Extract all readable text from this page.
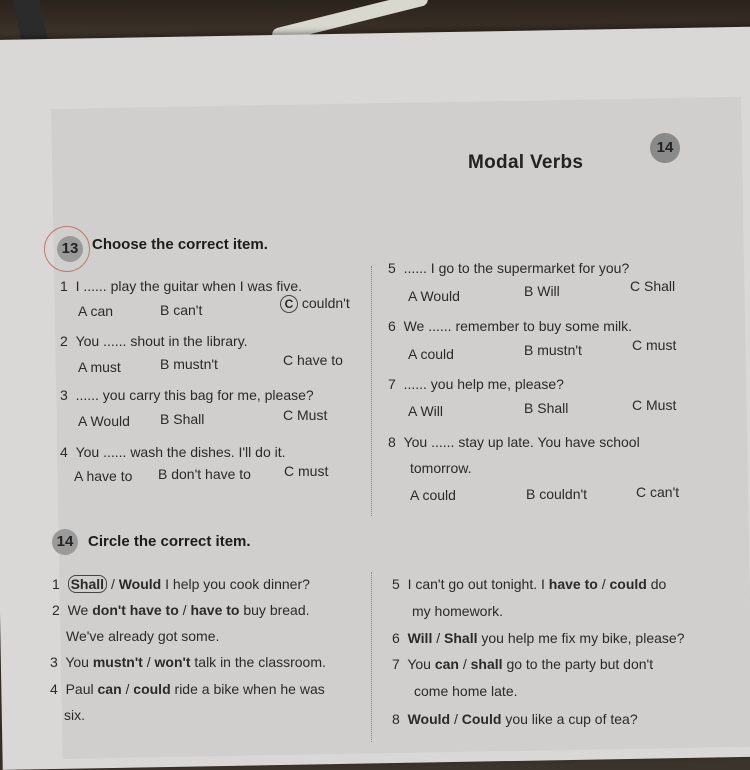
Modal Verbs
14
13 Choose the correct item.
1 I ...... play the guitar when I was five.
A can	B can't	C couldn't
2 You ...... shout in the library.
A must	B mustn't	C have to
3 ...... you carry this bag for me, please?
A Would B Shall	C Must
4 You ...... wash the dishes. I'll do it.
A have to B don't have to C must
5 ...... I go to the supermarket for you?
A Would	B Will	C Shall
6 We ...... remember to buy some milk.
A could	B mustn't	C must
7 ...... you help me, please?
A Will	B Shall	C Must
8 You ...... stay up late. You have school
tomorrow.
A could	B couldn't	C can't
14 Circle the correct item.
1 Shall / Would I help you cook dinner?
2 We don't have to / have to buy bread.
We've already got some.
3 You mustn't / won't talk in the classroom.
4 Paul can / could ride a bike when he was
six.
5 I can't go out tonight. I have to / could do
my homework.
6 Will / Shall you help me fix my bike, please?
7 You can / shall go to the party but don't
come home late.
8 Would / Could you like a cup of tea?
